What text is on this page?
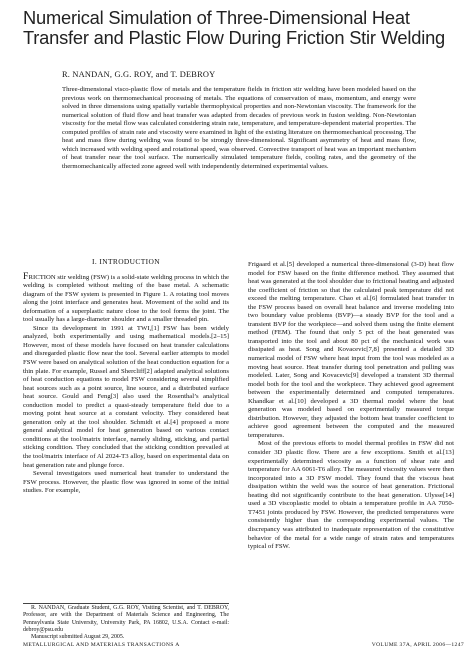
Numerical Simulation of Three-Dimensional Heat Transfer and Plastic Flow During Friction Stir Welding
R. NANDAN, G.G. ROY, and T. DEBROY
Three-dimensional visco-plastic flow of metals and the temperature fields in friction stir welding have been modeled based on the previous work on thermomechanical processing of metals. The equations of conservation of mass, momentum, and energy were solved in three dimensions using spatially variable thermophysical properties and non-Newtonian viscosity. The framework for the numerical solution of fluid flow and heat transfer was adapted from decades of previous work in fusion welding. Non-Newtonian viscosity for the metal flow was calculated considering strain rate, temperature, and temperature-dependent material properties. The computed profiles of strain rate and viscosity were examined in light of the existing literature on thermomechanical processing. The heat and mass flow during welding was found to be strongly three-dimensional. Significant asymmetry of heat and mass flow, which increased with welding speed and rotational speed, was observed. Convective transport of heat was an important mechanism of heat transfer near the tool surface. The numerically simulated temperature fields, cooling rates, and the geometry of the thermomechanically affected zone agreed well with independently determined experimental values.
I. INTRODUCTION

FRICTION stir welding (FSW) is a solid-state welding process in which the welding is completed without melting of the base metal. A schematic diagram of the FSW system is presented in Figure 1. A rotating tool moves along the joint interface and generates heat. Movement of the solid and its deformation of a superplastic nature close to the tool forms the joint. The tool usually has a large-diameter shoulder and a smaller threaded pin.

Since its development in 1991 at TWI,[1] FSW has been widely analyzed, both experimentally and using mathematical models.[2–15] However, most of these models have focused on heat transfer calculations and disregarded plastic flow near the tool. Several earlier attempts to model FSW were based on analytical solution of the heat conduction equation for a thin plate. For example, Russel and Shercliff[2] adapted analytical solutions of heat conduction equations to model FSW considering several simplified heat sources such as a point source, line source, and a distributed surface heat source. Gould and Feng[3] also used the Rosenthal’s analytical conduction model to predict a quasi-steady temperature field due to a moving point heat source at a constant velocity. They considered heat generation only at the tool shoulder. Schmidt et al.[4] proposed a more general analytical model for heat generation based on various contact conditions at the tool/matrix interface, namely sliding, sticking, and partial sticking condition. They concluded that the sticking condition prevailed at the tool/matrix interface of Al 2024-T3 alloy, based on experimental data on heat generation rate and plunge force.

Several investigators used numerical heat transfer to understand the FSW process. However, the plastic flow was ignored in some of the initial studies. For example,

Frigaard et al.[5] developed a numerical three-dimensional (3-D) heat flow model for FSW based on the finite difference method. They assumed that heat was generated at the tool shoulder due to frictional heating and adjusted the coefficient of friction so that the calculated peak temperature did not exceed the melting temperature. Chao et al.[6] formulated heat transfer in the FSW process based on overall heat balance and inverse modeling into two boundary value problems (BVP)—a steady BVP for the tool and a transient BVP for the workpiece—and solved them using the finite element method (FEM). The found that only 5 pct of the heat generated was transported into the tool and about 80 pct of the mechanical work was dissipated as heat. Song and Kovacevic[7,8] presented a detailed 3D numerical model of FSW where heat input from the tool was modeled as a moving heat source. Heat transfer during tool penetration and pulling was modeled. Later, Song and Kovacevic[9] developed a transient 3D thermal model both for the tool and the workpiece. They achieved good agreement between the experimentally determined and computed temperatures. Khandkar et al.[10] developed a 3D thermal model where the heat generation was modeled based on experimentally measured torque distribution. However, they adjusted the bottom heat transfer coefficient to achieve good agreement between the computed and the measured temperatures.

Most of the previous efforts to model thermal profiles in FSW did not consider 3D plastic flow. There are a few exceptions. Smith et al.[13] experimentally determined viscosity as a function of shear rate and temperature for AA 6061-T6 alloy. The measured viscosity values were then incorporated into a 3D FSW model. They found that the viscous heat dissipation within the weld was the source of heat generation. Frictional heating did not significantly contribute to the heat generation. Ulysse[14] used a 3D viscoplastic model to obtain a temperature profile in AA 7050-T7451 joints produced by FSW. However, the predicted temperatures were consistently higher than the corresponding experimental values. The discrepancy was attributed to inadequate representation of the constitutive behavior of the metal for a wide range of strain rates and temperatures typical of FSW.

R. NANDAN, Graduate Student, G.G. ROY, Visiting Scientist, and T. DEBROY, Professor, are with the Department of Materials Science and Engineering, The Pennsylvania State University, University Park, PA 16802, U.S.A. Contact e-mail: debroy@psu.edu

Manuscript submitted August 29, 2005.

METALLURGICAL AND MATERIALS TRANSACTIONS A	VOLUME 37A, APRIL 2006—1247
